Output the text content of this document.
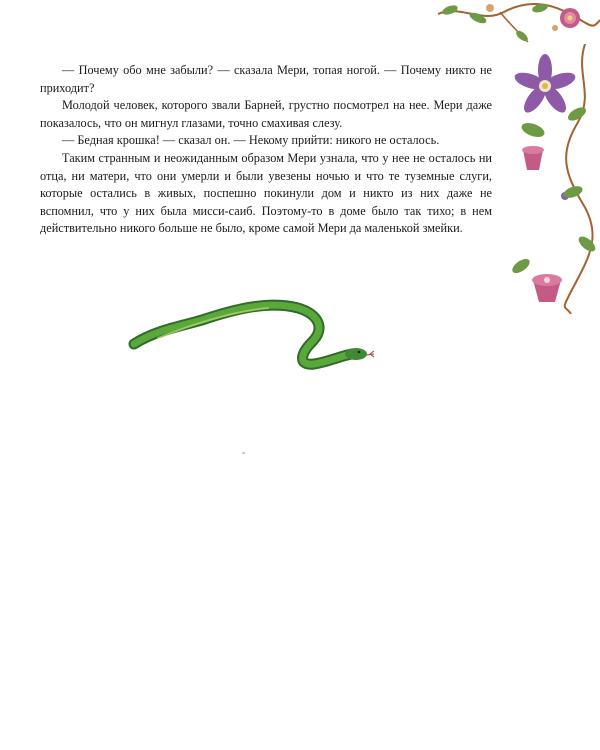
— Почему обо мне забыли? — сказала Мери, топая ногой. — Почему никто не приходит?

Молодой человек, которого звали Барней, грустно посмотрел на нее. Мери даже показалось, что он мигнул глазами, точно смахивая слезу.

— Бедная крошка! — сказал он. — Некому прийти: никого не осталось.

Таким странным и неожиданным образом Мери узнала, что у нее не осталось ни отца, ни матери, что они умерли и были увезены ночью и что те туземные слуги, которые остались в живых, поспешно покинули дом и никто из них даже не вспомнил, что у них была мисси-саиб. Поэтому-то в доме было так тихо; в нем действительно никого больше не было, кроме самой Мери да маленькой змейки.
